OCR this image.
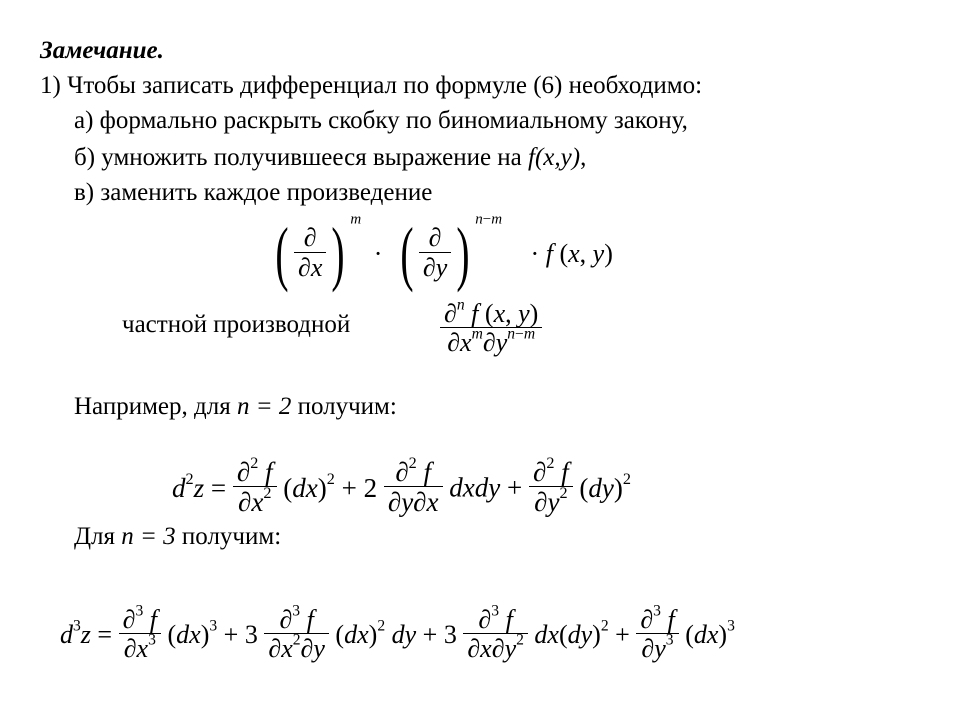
Замечание.
1) Чтобы записать дифференциал по формуле (6) необходимо:
а) формально раскрыть скобку по биномиальному закону,
б) умножить получившееся выражение на f(x,y),
в) заменить каждое произведение
( $\frac{\partial}{\partial x}$ ) $^m$ · ( $\frac{\partial}{\partial y}$ ) $^{n-m}$ · f (x, y)
частной производной	$\frac{\partial^n f (x, y)}{\partial x^m\partial y^{n-m}}$
Например, для n = 2 получим:
$d^2z = \frac{\partial^2 f}{\partial x^2} (dx)^2 + 2 \frac{\partial^2 f}{\partial y\partial x}$ dxdy + $\frac{\partial^2 f}{\partial y^2} (dy)^2$
Для n = 3 получим:
$d^3z = \frac{\partial^3 f}{\partial x^3} (dx)^3 + 3 \frac{\partial^3 f}{\partial x^2\partial y} (dx)^2$ dy + $3 \frac{\partial^3 f}{\partial x\partial y^2} dx(dy)^2 + \frac{\partial^3 f}{\partial y^3} (dx)^3$
